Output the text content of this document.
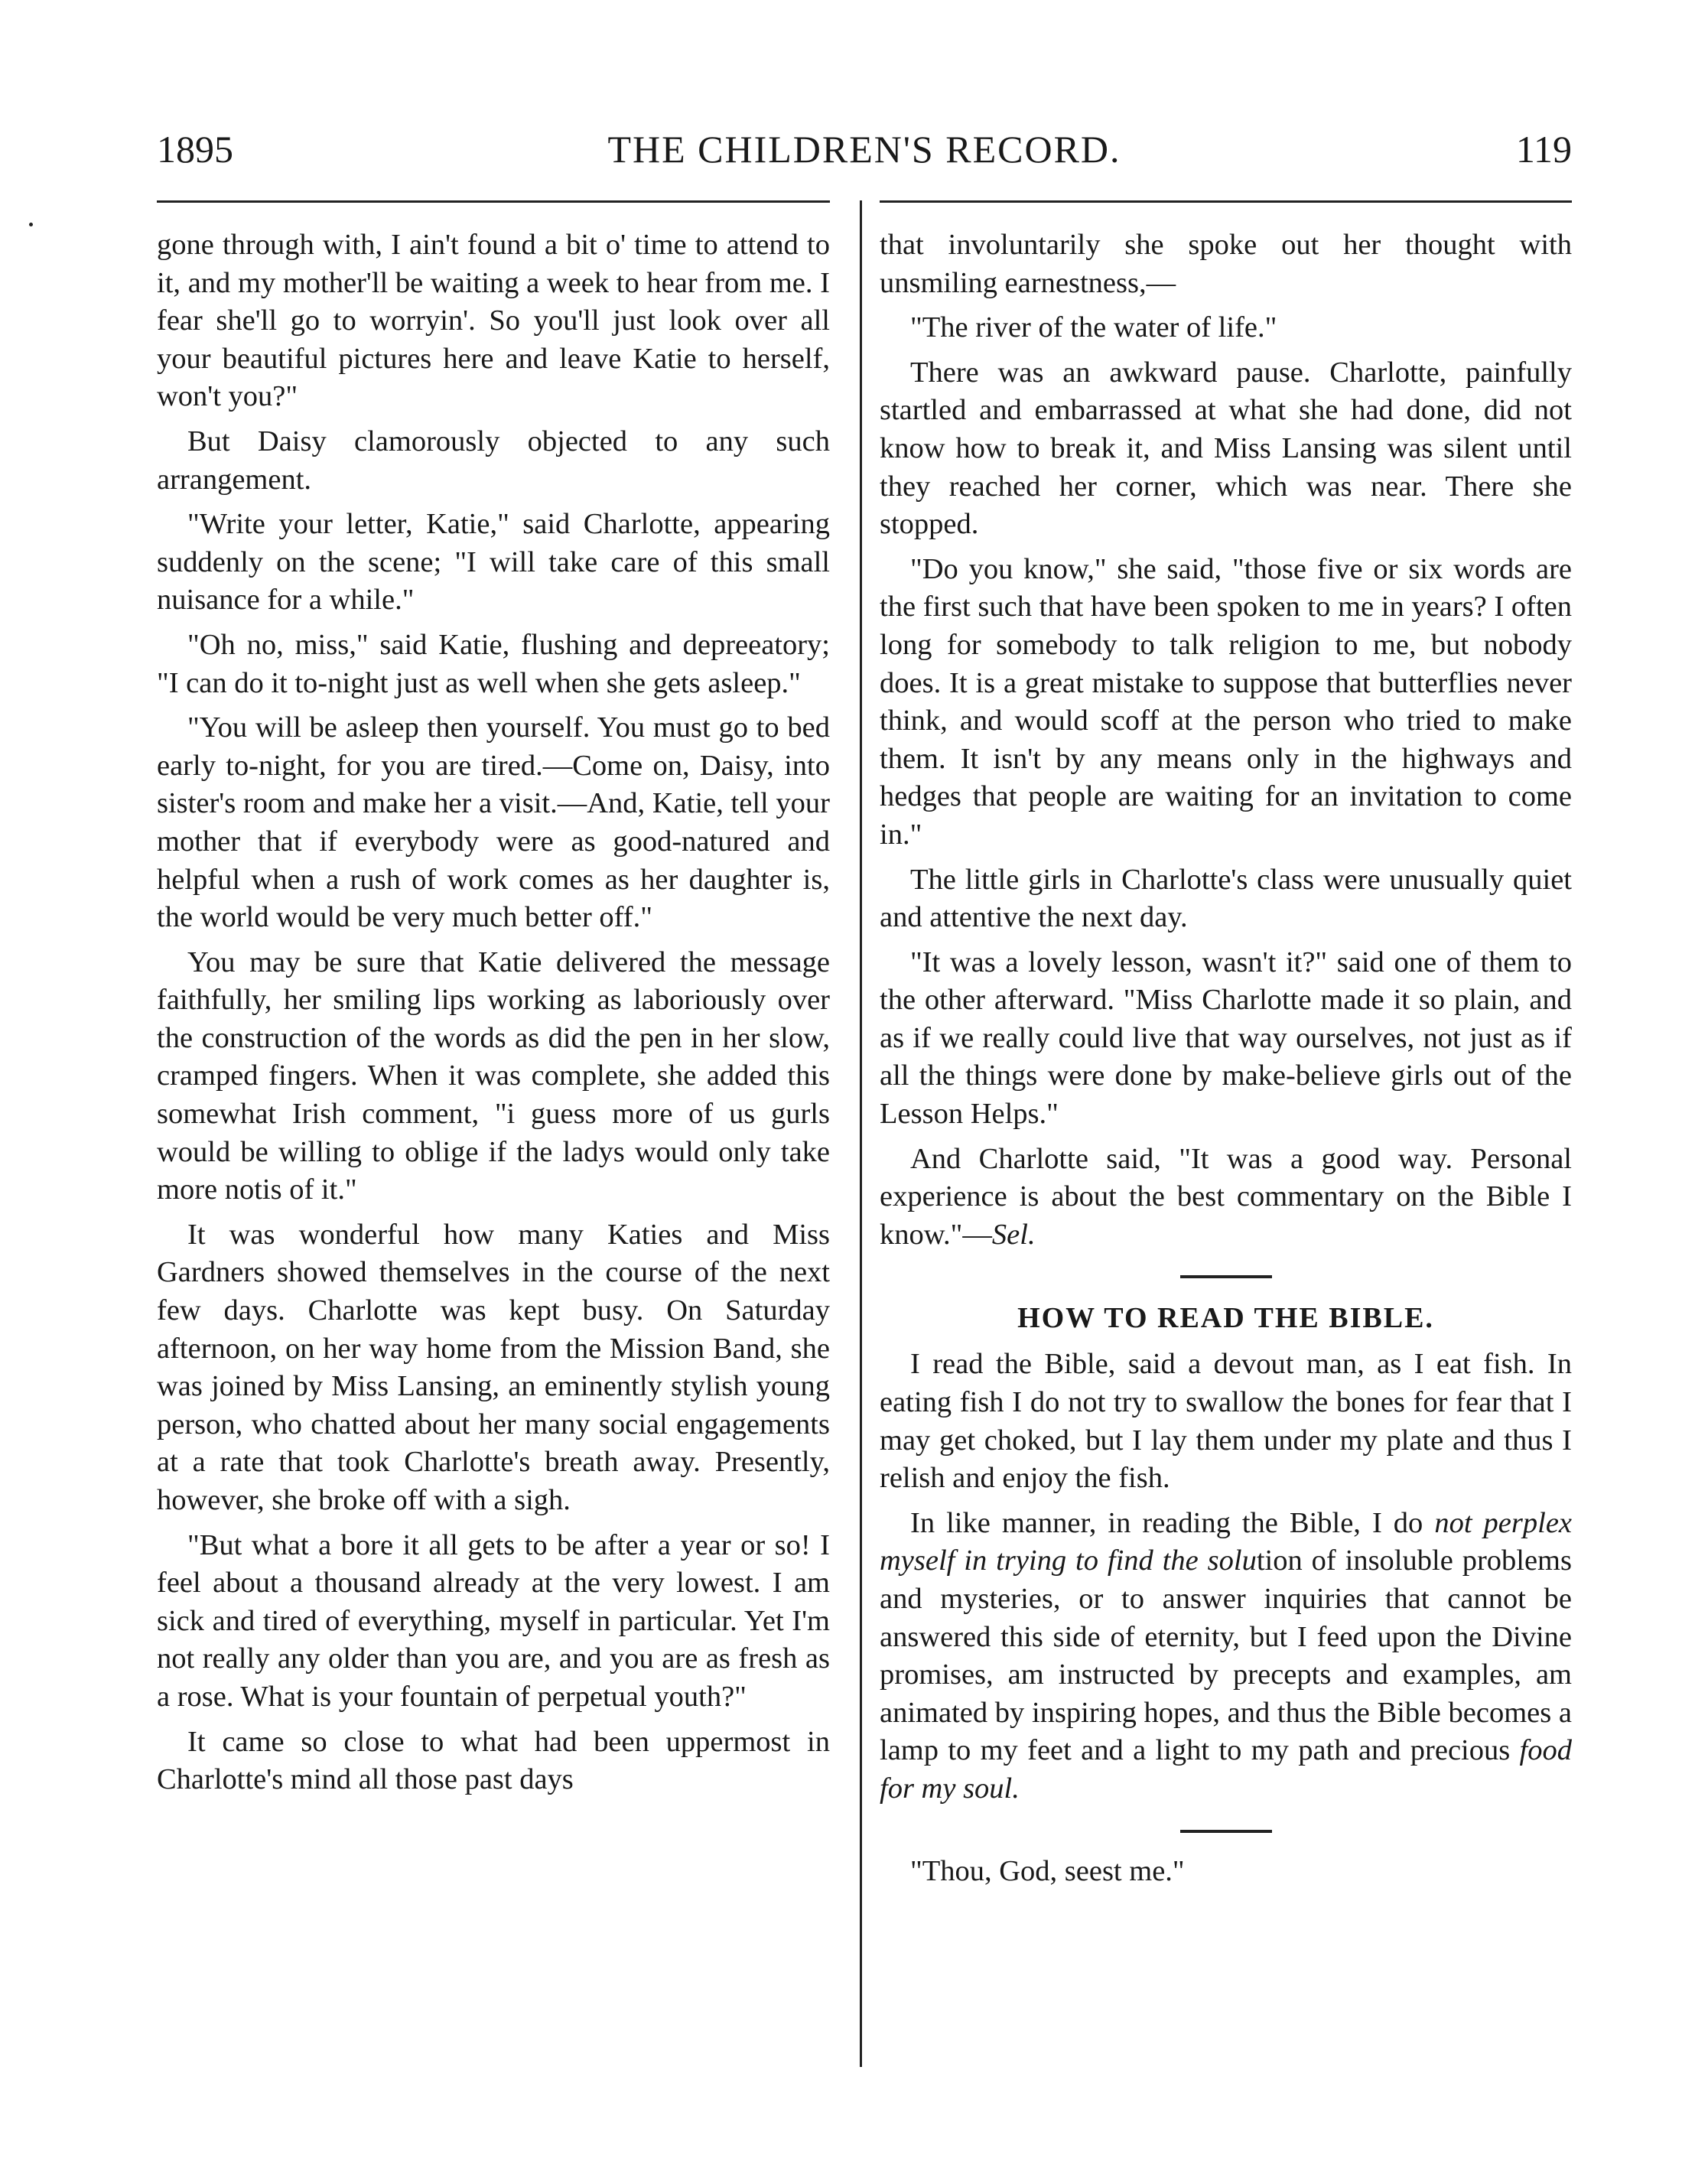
1895	THE CHILDREN'S RECORD.	119

gone through with, I ain't found a bit o' time to attend to it, and my mother'll be waiting a week to hear from me. I fear she'll go to worryin'. So you'll just look over all your beautiful pictures here and leave Katie to herself, won't you?"

But Daisy clamorously objected to any such arrangement.

"Write your letter, Katie," said Charlotte, appearing suddenly on the scene; "I will take care of this small nuisance for a while."

"Oh no, miss," said Katie, flushing and depreeatory; "I can do it to-night just as well when she gets asleep."

"You will be asleep then yourself. You must go to bed early to-night, for you are tired.—Come on, Daisy, into sister's room and make her a visit.—And, Katie, tell your mother that if everybody were as good-natured and helpful when a rush of work comes as her daughter is, the world would be very much better off."

You may be sure that Katie delivered the message faithfully, her smiling lips working as laboriously over the construction of the words as did the pen in her slow, cramped fingers. When it was complete, she added this somewhat Irish comment, "i guess more of us gurls would be willing to oblige if the ladys would only take more notis of it."

It was wonderful how many Katies and Miss Gardners showed themselves in the course of the next few days. Charlotte was kept busy. On Saturday afternoon, on her way home from the Mission Band, she was joined by Miss Lansing, an eminently stylish young person, who chatted about her many social engagements at a rate that took Charlotte's breath away. Presently, however, she broke off with a sigh.

"But what a bore it all gets to be after a year or so! I feel about a thousand already at the very lowest. I am sick and tired of everything, myself in particular. Yet I'm not really any older than you are, and you are as fresh as a rose. What is your fountain of perpetual youth?"

It came so close to what had been uppermost in Charlotte's mind all those past days

that involuntarily she spoke out her thought with unsmiling earnestness,—

"The river of the water of life."

There was an awkward pause. Charlotte, painfully startled and embarrassed at what she had done, did not know how to break it, and Miss Lansing was silent until they reached her corner, which was near. There she stopped.

"Do you know," she said, "those five or six words are the first such that have been spoken to me in years? I often long for somebody to talk religion to me, but nobody does. It is a great mistake to suppose that butterflies never think, and would scoff at the person who tried to make them. It isn't by any means only in the highways and hedges that people are waiting for an invitation to come in."

The little girls in Charlotte's class were unusually quiet and attentive the next day.

"It was a lovely lesson, wasn't it?" said one of them to the other afterward. "Miss Charlotte made it so plain, and as if we really could live that way ourselves, not just as if all the things were done by make-believe girls out of the Lesson Helps."

And Charlotte said, "It was a good way. Personal experience is about the best commentary on the Bible I know."—Sel.

HOW TO READ THE BIBLE.

I read the Bible, said a devout man, as I eat fish. In eating fish I do not try to swallow the bones for fear that I may get choked, but I lay them under my plate and thus I relish and enjoy the fish.

In like manner, in reading the Bible, I do not perplex myself in trying to find the solution of insoluble problems and mysteries, or to answer inquiries that cannot be answered this side of eternity, but I feed upon the Divine promises, am instructed by precepts and examples, am animated by inspiring hopes, and thus the Bible becomes a lamp to my feet and a light to my path and precious food for my soul.

"Thou, God, seest me."
